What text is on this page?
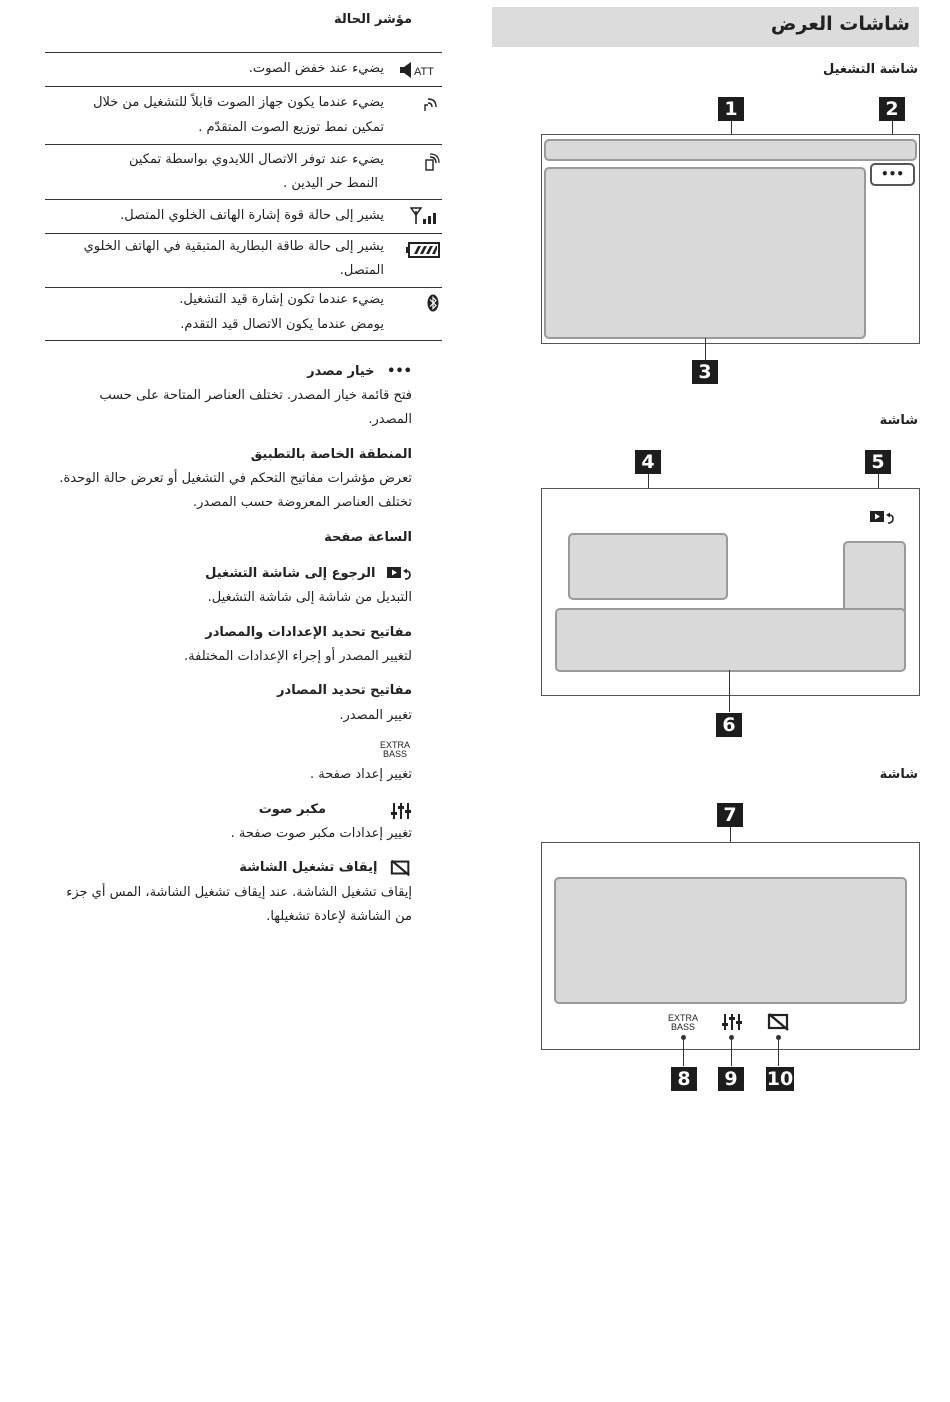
شاشات العرض
شاشة التشغيل
1	2
•••
3
شاشة
4	5
6
شاشة
7
EXTRA
BASS
8	9	10
مؤشر الحالة
ATT
يضيء عند خفض الصوت.
يضيء عندما يكون جهاز الصوت قابلاً للتشغيل من خلال
تمكين نمط توزيع الصوت المتقدّم .
يضيء عند توفر الاتصال اللايدوي بواسطة تمكين
النمط حر اليدين .
يشير إلى حالة قوة إشارة الهاتف الخلوي المتصل.
يشير إلى حالة طاقة البطارية المتبقية في الهاتف الخلوي
المتصل.
يضيء عندما تكون إشارة قيد التشغيل.
يومض عندما يكون الاتصال قيد التقدم.
••• خيار مصدر
فتح قائمة خيار المصدر. تختلف العناصر المتاحة على حسب
المصدر.
المنطقة الخاصة بالتطبيق
تعرض مؤشرات مفاتيح التحكم في التشغيل أو تعرض حالة الوحدة.
تختلف العناصر المعروضة حسب المصدر.
الساعة صفحة
الرجوع إلى شاشة التشغيل
التبديل من شاشة إلى شاشة التشغيل.
مفاتيح تحديد الإعدادات والمصادر
لتغيير المصدر أو إجراء الإعدادات المختلفة.
مفاتيح تحديد المصادر
تغيير المصدر.
EXTRA
BASS
تغيير إعداد صفحة .
مكبر صوت
تغيير إعدادات مكبر صوت صفحة .
إيقاف تشغيل الشاشة
إيقاف تشغيل الشاشة. عند إيقاف تشغيل الشاشة، المس أي جزء
من الشاشة لإعادة تشغيلها.
